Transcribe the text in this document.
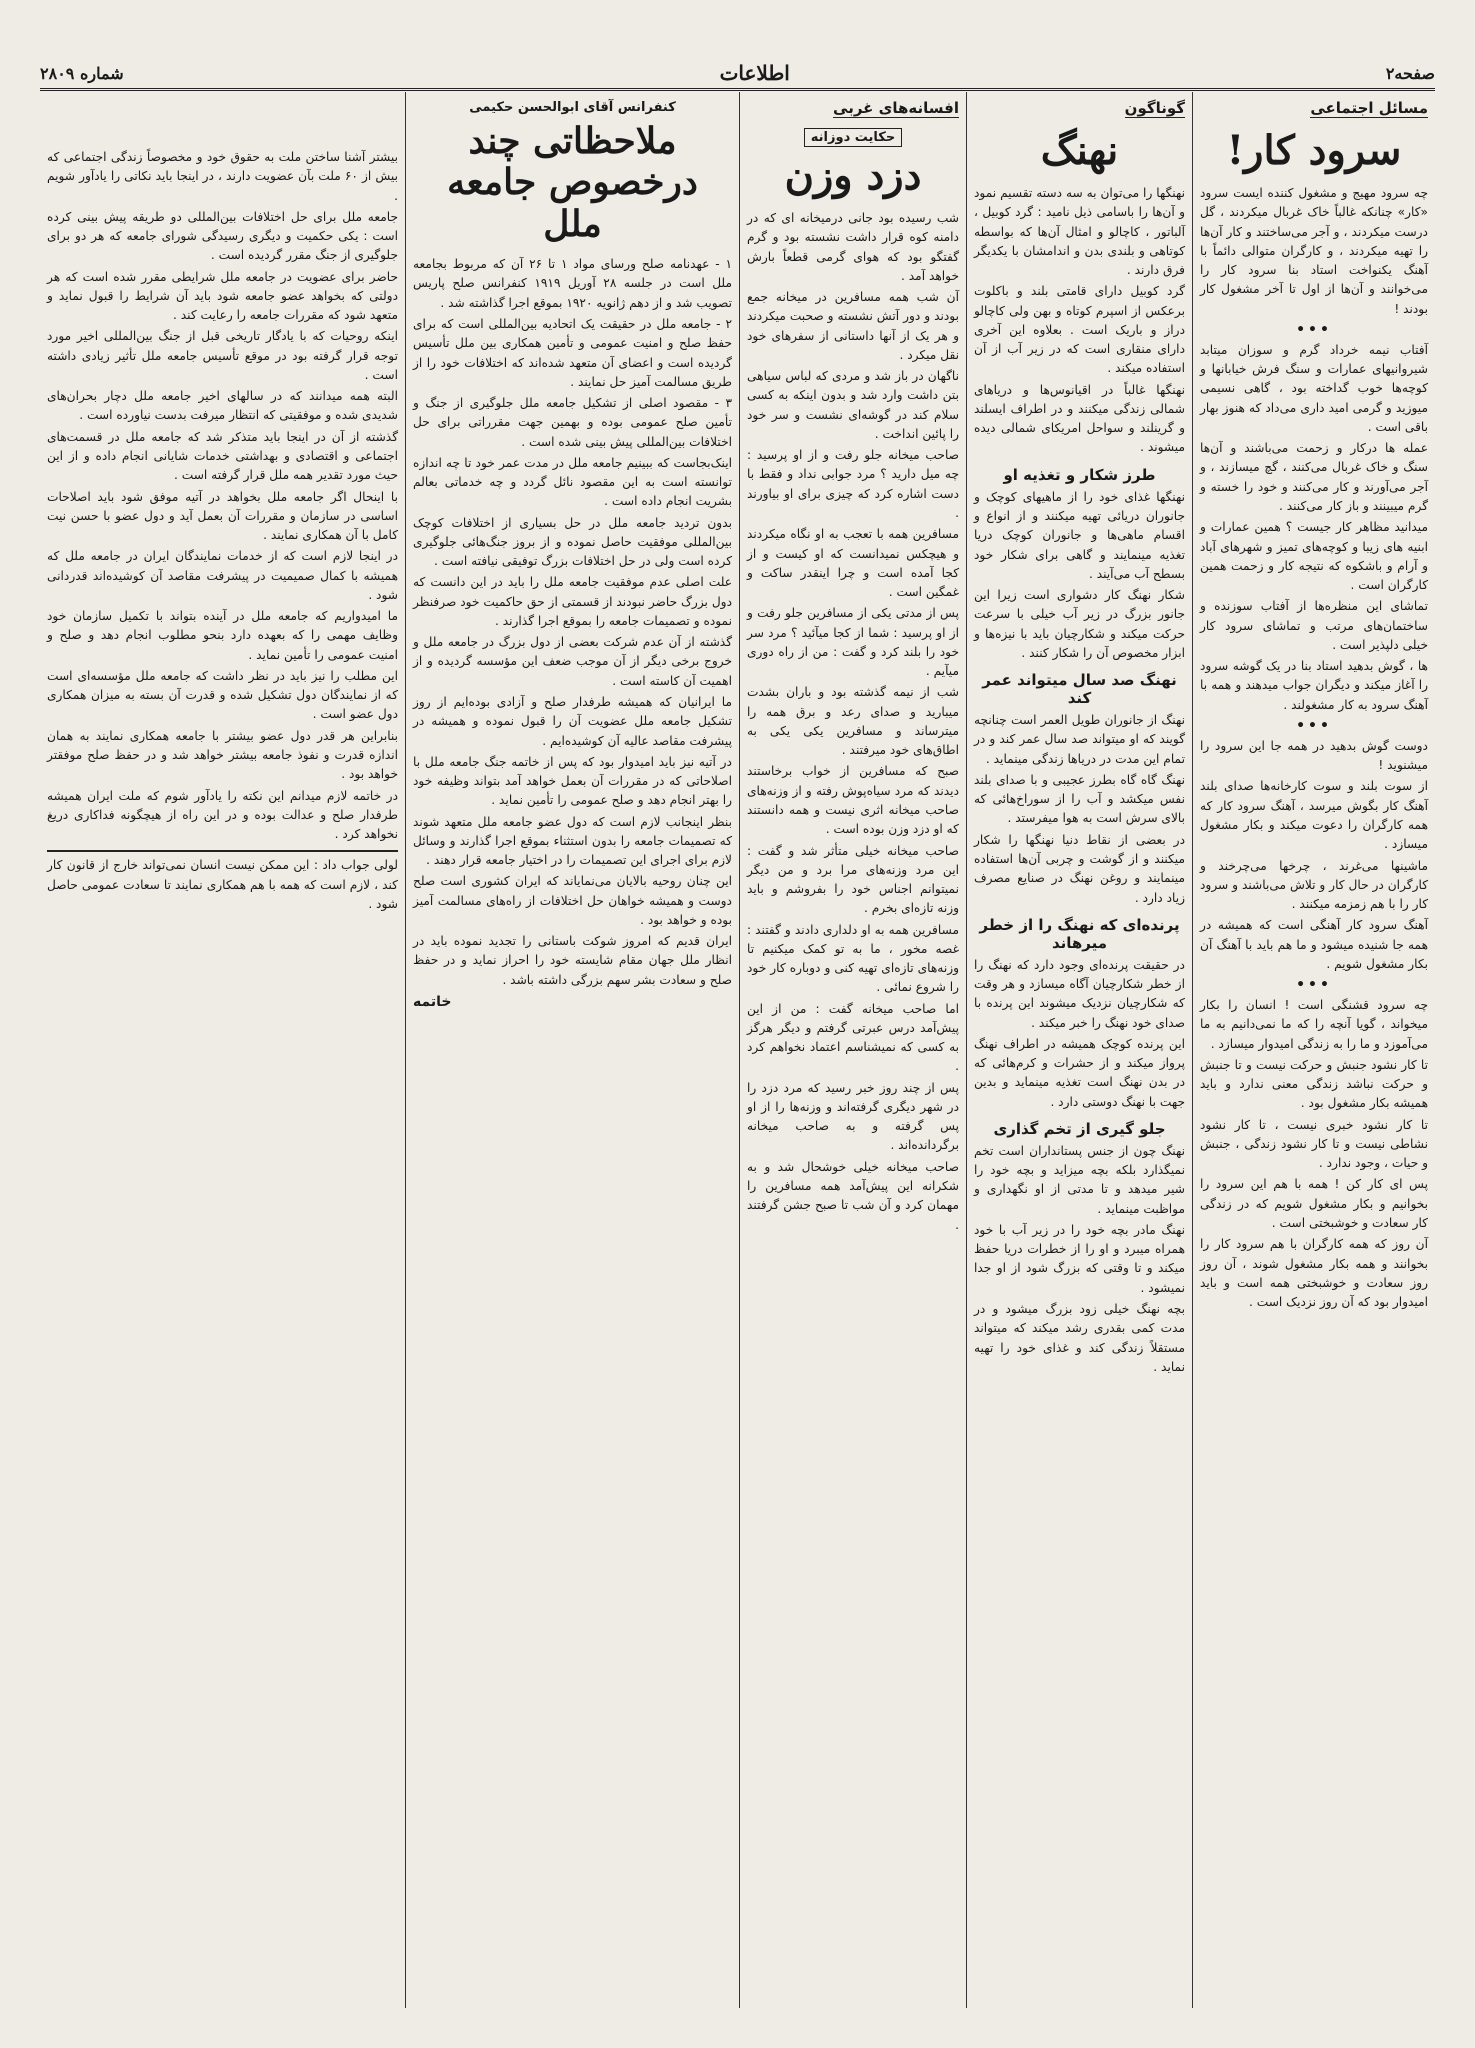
صفحه۲
اطلاعات
شماره ۲۸۰۹
مسائل اجتماعی
سرود کار!

چه سرود مهیج و مشغول کننده ایست سرود «کار» چنانکه غالباً خاک غربال میکردند ، گل درست میکردند ، و آجر می‌ساختند و کار آن‌ها را تهیه میکردند ، و کارگران متوالی دائماً با آهنگ یکنواخت استاد بنا سرود کار را می‌خوانند و آن‌ها از اول تا آخر مشغول کار بودند !

•••

آفتاب نیمه خرداد گرم و سوزان میتابد شیروانیهای عمارات و سنگ فرش خیابانها و کوچه‌ها خوب گداخته بود ، گاهی نسیمی میوزید و گرمی امید داری می‌داد که هنوز بهار باقی است .

عمله ها درکار و زحمت می‌باشند و آن‌ها سنگ و خاک غربال می‌کنند ، گچ میسازند ، و آجر می‌آورند و کار می‌کنند و خود را خسته و گرم میبینند و باز کار می‌کنند .

میدانید مظاهر کار جیست ؟ همین عمارات و ابنیه های زیبا و کوچه‌های تمیز و شهرهای آباد و آرام و باشکوه که نتیجه کار و زحمت همین کارگران است .

تماشای این منظره‌ها از آفتاب سوزنده و ساختمان‌های مرتب و تماشای سرود کار خیلی دلپذیر است .

ها ، گوش بدهید استاد بنا در یک گوشه سرود را آغاز میکند و دیگران جواب میدهند و همه با آهنگ سرود به کار مشغولند .

•••

دوست گوش بدهید در همه جا این سرود را میشنوید !

از سوت بلند و سوت کارخانه‌ها صدای بلند آهنگ کار بگوش میرسد ، آهنگ سرود کار که همه کارگران را دعوت میکند و بکار مشغول میسازد .

ماشینها می‌غرند ، چرخها می‌چرخند و کارگران در حال کار و تلاش می‌باشند و سرود کار را با هم زمزمه میکنند .

آهنگ سرود کار آهنگی است که همیشه در همه جا شنیده میشود و ما هم باید با آهنگ آن بکار مشغول شویم .

•••

چه سرود قشنگی است ! انسان را بکار میخواند ، گویا آنچه را که ما نمی‌دانیم به ما می‌آموزد و ما را به زندگی امیدوار میسازد .

تا کار نشود جنبش و حرکت نیست و تا جنبش و حرکت نباشد زندگی معنی ندارد و باید همیشه بکار مشغول بود .

تا کار نشود خبری نیست ، تا کار نشود نشاطی نیست و تا کار نشود زندگی ، جنبش و حیات ، وجود ندارد .

پس ای کار کن ! همه با هم این سرود را بخوانیم و بکار مشغول شویم که در زندگی کار سعادت و خوشبختی است .

آن روز که همه کارگران با هم سرود کار را بخوانند و همه بکار مشغول شوند ، آن روز روز سعادت و خوشبختی همه است و باید امیدوار بود که آن روز نزدیک است .

گوناگون
نهنگ

نهنگها را می‌توان به سه دسته تقسیم نمود و آن‌ها را باسامی ذیل نامید : گرد کوبیل ، آلباتور ، کاچالو و امثال آن‌ها که بواسطه کوتاهی و بلندی بدن و اندامشان با یکدیگر فرق دارند .

گرد کوبیل دارای قامتی بلند و باکلوت برعکس از اسپرم کوتاه و بهن ولی کاچالو دراز و باریک است . بعلاوه این آخری دارای منقاری است که در زیر آب از آن استفاده میکند .

نهنگها غالباً در اقیانوس‌ها و دریاهای شمالی زندگی میکنند و در اطراف ایسلند و گرینلند و سواحل امریکای شمالی دیده میشوند .

طرز شکار و تغذیه او

نهنگها غذای خود را از ماهیهای کوچک و جانوران دریائی تهیه میکنند و از انواع و اقسام ماهی‌ها و جانوران کوچک دریا تغذیه مینمایند و گاهی برای شکار خود بسطح آب می‌آیند .

شکار نهنگ کار دشواری است زیرا این جانور بزرگ در زیر آب خیلی با سرعت حرکت میکند و شکارچیان باید با نیزه‌ها و ابزار مخصوص آن را شکار کنند .

نهنگ صد سال میتواند عمر کند

نهنگ از جانوران طویل العمر است چنانچه گویند که او میتواند صد سال عمر کند و در تمام این مدت در دریاها زندگی مینماید .

نهنگ گاه گاه بطرز عجیبی و با صدای بلند نفس میکشد و آب را از سوراخ‌هائی که بالای سرش است به هوا میفرستد .

در بعضی از نقاط دنیا نهنگها را شکار میکنند و از گوشت و چربی آن‌ها استفاده مینمایند و روغن نهنگ در صنایع مصرف زیاد دارد .

پرنده‌ای که نهنگ را از خطر میرهاند

در حقیقت پرنده‌ای وجود دارد که نهنگ را از خطر شکارچیان آگاه میسازد و هر وقت که شکارچیان نزدیک میشوند این پرنده با صدای خود نهنگ را خبر میکند .

این پرنده کوچک همیشه در اطراف نهنگ پرواز میکند و از حشرات و کرم‌هائی که در بدن نهنگ است تغذیه مینماید و بدین جهت با نهنگ دوستی دارد .

جلو گیری از تخم گذاری

نهنگ چون از جنس پستانداران است تخم نمیگذارد بلکه بچه میزاید و بچه خود را شیر میدهد و تا مدتی از او نگهداری و مواظبت مینماید .

نهنگ مادر بچه خود را در زیر آب با خود همراه میبرد و او را از خطرات دریا حفظ میکند و تا وقتی که بزرگ شود از او جدا نمیشود .

بچه نهنگ خیلی زود بزرگ میشود و در مدت کمی بقدری رشد میکند که میتواند مستقلاً زندگی کند و غذای خود را تهیه نماید .

افسانه‌های غربی
حکایت دوزانه
دزد وزن

شب رسیده بود جانی درمیخانه ای که در دامنه کوه قرار داشت نشسته بود و گرم گفتگو بود که هوای گرمی قطعاً بارش خواهد آمد .

آن شب همه مسافرین در میخانه جمع بودند و دور آتش نشسته و صحبت میکردند و هر یک از آنها داستانی از سفرهای خود نقل میکرد .

ناگهان در باز شد و مردی که لباس سیاهی بتن داشت وارد شد و بدون اینکه به کسی سلام کند در گوشه‌ای نشست و سر خود را پائین انداخت .

صاحب میخانه جلو رفت و از او پرسید : چه میل دارید ؟ مرد جوابی نداد و فقط با دست اشاره کرد که چیزی برای او بیاورند .

مسافرین همه با تعجب به او نگاه میکردند و هیچکس نمیدانست که او کیست و از کجا آمده است و چرا اینقدر ساکت و غمگین است .

پس از مدتی یکی از مسافرین جلو رفت و از او پرسید : شما از کجا میآئید ؟ مرد سر خود را بلند کرد و گفت : من از راه دوری میآیم .

شب از نیمه گذشته بود و باران بشدت میبارید و صدای رعد و برق همه را میترساند و مسافرین یکی یکی به اطاق‌های خود میرفتند .

صبح که مسافرین از خواب برخاستند دیدند که مرد سیاه‌پوش رفته و از وزنه‌های صاحب میخانه اثری نیست و همه دانستند که او دزد وزن بوده است .

صاحب میخانه خیلی متأثر شد و گفت : این مرد وزنه‌های مرا برد و من دیگر نمیتوانم اجناس خود را بفروشم و باید وزنه تازه‌ای بخرم .

مسافرین همه به او دلداری دادند و گفتند : غصه مخور ، ما به تو کمک میکنیم تا وزنه‌های تازه‌ای تهیه کنی و دوباره کار خود را شروع نمائی .

اما صاحب میخانه گفت : من از این پیش‌آمد درس عبرتی گرفتم و دیگر هرگز به کسی که نمیشناسم اعتماد نخواهم کرد .

پس از چند روز خبر رسید که مرد دزد را در شهر دیگری گرفته‌اند و وزنه‌ها را از او پس گرفته و به صاحب میخانه برگردانده‌اند .

صاحب میخانه خیلی خوشحال شد و به شکرانه این پیش‌آمد همه مسافرین را مهمان کرد و آن شب تا صبح جشن گرفتند .

کنفرانس آقای ابوالحسن حکیمی
ملاحظاتی چند درخصوص جامعه ملل

۱ - عهدنامه صلح ورسای مواد ۱ تا ۲۶ آن که مربوط بجامعه ملل است در جلسه ۲۸ آوریل ۱۹۱۹ کنفرانس صلح پاریس تصویب شد و از دهم ژانویه ۱۹۲۰ بموقع اجرا گذاشته شد .

۲ - جامعه ملل در حقیقت یک اتحادیه بین‌المللی است که برای حفظ صلح و امنیت عمومی و تأمین همکاری بین ملل تأسیس گردیده است و اعضای آن متعهد شده‌اند که اختلافات خود را از طریق مسالمت آمیز حل نمایند .

۳ - مقصود اصلی از تشکیل جامعه ملل جلوگیری از جنگ و تأمین صلح عمومی بوده و بهمین جهت مقرراتی برای حل اختلافات بین‌المللی پیش بینی شده است .

اینک‌بجاست که ببینیم جامعه ملل در مدت عمر خود تا چه اندازه توانسته است به این مقصود نائل گردد و چه خدماتی بعالم بشریت انجام داده است .

بدون تردید جامعه ملل در حل بسیاری از اختلافات کوچک بین‌المللی موفقیت حاصل نموده و از بروز جنگ‌هائی جلوگیری کرده است ولی در حل اختلافات بزرگ توفیقی نیافته است .

علت اصلی عدم موفقیت جامعه ملل را باید در این دانست که دول بزرگ حاضر نبودند از قسمتی از حق حاکمیت خود صرفنظر نموده و تصمیمات جامعه را بموقع اجرا گذارند .

گذشته از آن عدم شرکت بعضی از دول بزرگ در جامعه ملل و خروج برخی دیگر از آن موجب ضعف این مؤسسه گردیده و از اهمیت آن کاسته است .

ما ایرانیان که همیشه طرفدار صلح و آزادی بوده‌ایم از روز تشکیل جامعه ملل عضویت آن را قبول نموده و همیشه در پیشرفت مقاصد عالیه آن کوشیده‌ایم .

در آتیه نیز باید امیدوار بود که پس از خاتمه جنگ جامعه ملل با اصلاحاتی که در مقررات آن بعمل خواهد آمد بتواند وظیفه خود را بهتر انجام دهد و صلح عمومی را تأمین نماید .

بنظر اینجانب لازم است که دول عضو جامعه ملل متعهد شوند که تصمیمات جامعه را بدون استثناء بموقع اجرا گذارند و وسائل لازم برای اجرای این تصمیمات را در اختیار جامعه قرار دهند .

این چنان روحیه بالایان می‌نمایاند که ایران کشوری است صلح دوست و همیشه خواهان حل اختلافات از راه‌های مسالمت آمیز بوده و خواهد بود .

ایران قدیم که امروز شوکت باستانی را تجدید نموده باید در انظار ملل جهان مقام شایسته خود را احراز نماید و در حفظ صلح و سعادت بشر سهم بزرگی داشته باشد .

خاتمه

بیشتر آشنا ساختن ملت به حقوق خود و مخصوصاً زندگی اجتماعی که بیش از ۶۰ ملت بآن عضویت دارند ، در اینجا باید نکاتی را یادآور شویم .

جامعه ملل برای حل اختلافات بین‌المللی دو طریقه پیش بینی کرده است : یکی حکمیت و دیگری رسیدگی شورای جامعه که هر دو برای جلوگیری از جنگ مقرر گردیده است .

حاضر برای عضویت در جامعه ملل شرایطی مقرر شده است که هر دولتی که بخواهد عضو جامعه شود باید آن شرایط را قبول نماید و متعهد شود که مقررات جامعه را رعایت کند .

اینکه روحیات که با یادگار تاریخی قبل از جنگ بین‌المللی اخیر مورد توجه قرار گرفته بود در موقع تأسیس جامعه ملل تأثیر زیادی داشته است .

البته همه میدانند که در سالهای اخیر جامعه ملل دچار بحران‌های شدیدی شده و موفقیتی که انتظار میرفت بدست نیاورده است .

گذشته از آن در اینجا باید متذکر شد که جامعه ملل در قسمت‌های اجتماعی و اقتصادی و بهداشتی خدمات شایانی انجام داده و از این حیث مورد تقدیر همه ملل قرار گرفته است .

با اینحال اگر جامعه ملل بخواهد در آتیه موفق شود باید اصلاحات اساسی در سازمان و مقررات آن بعمل آید و دول عضو با حسن نیت کامل با آن همکاری نمایند .

در اینجا لازم است که از خدمات نمایندگان ایران در جامعه ملل که همیشه با کمال صمیمیت در پیشرفت مقاصد آن کوشیده‌اند قدردانی شود .

ما امیدواریم که جامعه ملل در آینده بتواند با تکمیل سازمان خود وظایف مهمی را که بعهده دارد بنحو مطلوب انجام دهد و صلح و امنیت عمومی را تأمین نماید .

این مطلب را نیز باید در نظر داشت که جامعه ملل مؤسسه‌ای است که از نمایندگان دول تشکیل شده و قدرت آن بسته به میزان همکاری دول عضو است .

بنابراین هر قدر دول عضو بیشتر با جامعه همکاری نمایند به همان اندازه قدرت و نفوذ جامعه بیشتر خواهد شد و در حفظ صلح موفقتر خواهد بود .

در خاتمه لازم میدانم این نکته را یادآور شوم که ملت ایران همیشه طرفدار صلح و عدالت بوده و در این راه از هیچگونه فداکاری دریغ نخواهد کرد .

لولی جواب داد : این ممکن نیست انسان نمی‌تواند خارج از قانون کار کند ، لازم است که همه با هم همکاری نمایند تا سعادت عمومی حاصل شود .
